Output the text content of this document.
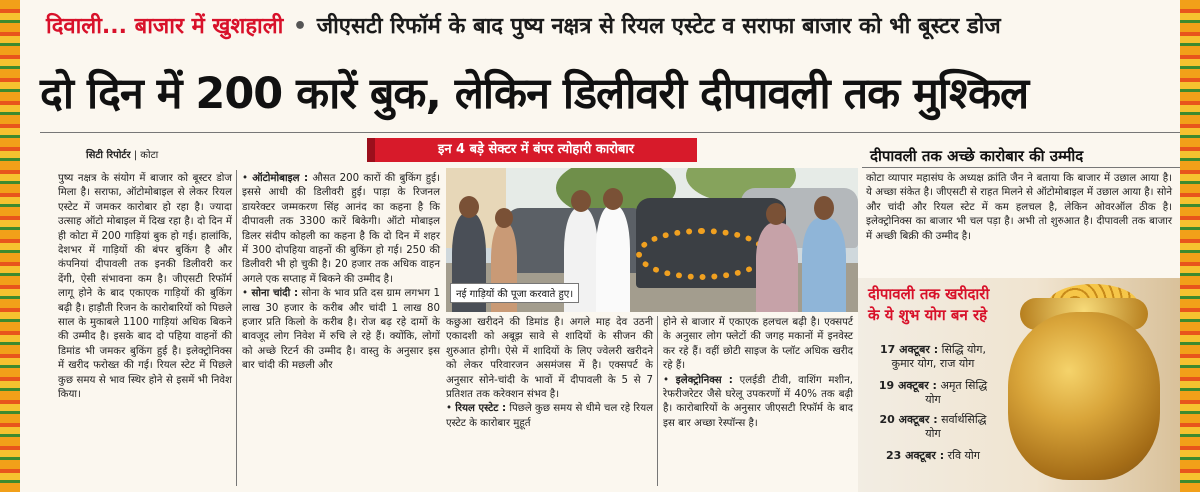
दिवाली... बाजार में खुशहाली • जीएसटी रिफॉर्म के बाद पुष्य नक्षत्र से रियल एस्टेट व सराफा बाजार को भी बूस्टर डोज
दो दिन में 200 कारें बुक, लेकिन डिलीवरी दीपावली तक मुश्किल
सिटी रिपोर्टर | कोटा	इन 4 बड़े सेक्टर में बंपर त्योहारी कारोबार	दीपावली तक अच्छे कारोबार की उम्मीद

पुष्य नक्षत्र के संयोग में बाजार को बूस्टर डोज मिला है। सराफा, ऑटोमोबाइल से लेकर रियल एस्टेट में जमकर कारोबार हो रहा है। ज्यादा उत्साह ऑटो मोबाइल में दिख रहा है। दो दिन में ही कोटा में 200 गाड़ियां बुक हो गई। हालांकि, देशभर में गाड़ियों की बंपर बुकिंग है और कंपनियां दीपावली तक इनकी डिलीवरी कर देंगी, ऐसी संभावना कम है। जीएसटी रिफॉर्म लागू होने के बाद एकाएक गाड़ियों की बुकिंग बढ़ी है। हाड़ौती रिजन के कारोबारियों को पिछले साल के मुकाबले 1100 गाड़ियां अधिक बिकने की उम्मीद है। इसके बाद दो पहिया वाहनों की डिमांड भी जमकर बुकिंग हुई है। इलेक्ट्रोनिक्स में खरीद फरोख्त की गई। रियल स्टेट में पिछले कुछ समय से भाव स्थिर होने से इसमें भी निवेश किया।

• ऑटोमोबाइल : औसत 200 कारों की बुकिंग हुई। इससे आधी की डिलीवरी हुई। पाड़ा के रिजनल डायरेक्टर जम्मकरण सिंह आनंद का कहना है कि दीपावली तक 3300 कारें बिकेगी। ऑटो मोबाइल डिलर संदीप कोहली का कहना है कि दो दिन में शहर में 300 दोपहिया वाहनों की बुकिंग हो गई। 250 की डिलीवरी भी हो चुकी है। 20 हजार तक अधिक वाहन अगले एक सप्ताह में बिकने की उम्मीद है।

• सोना चांदी : सोना के भाव प्रति दस ग्राम लगभग 1 लाख 30 हजार के करीब और चांदी 1 लाख 80 हजार प्रति किलो के करीब है। रोज बढ़ रहे दामों के बावजूद लोग निवेश में रुचि ले रहे हैं। क्योंकि, लोगों को अच्छे रिटर्न की उम्मीद है। वास्तु के अनुसार इस बार चांदी की मछली और

नई गाड़ियों की पूजा करवाते हुए।

कछुआ खरीदने की डिमांड है। अगले माह देव उठनी एकादशी को अबूझ सावे से शादियों के सीजन की शुरुआत होगी। ऐसे में शादियों के लिए ज्वेलरी खरीदने को लेकर परिवारजन असमंजस में है। एक्सपर्ट के अनुसार सोने-चांदी के भावों में दीपावली के 5 से 7 प्रतिशत तक करेक्शन संभव है।

• रियल एस्टेट : पिछले कुछ समय से धीमे चल रहे रियल एस्टेट के कारोबार मुहूर्त

होने से बाजार में एकाएक हलचल बढ़ी है। एक्सपर्ट के अनुसार लोग फ्लेटों की जगह मकानों में इनवेस्ट कर रहे हैं। वहीं छोटी साइज के प्लॉट अधिक खरीद रहे हैं।

• इलेक्ट्रोनिक्स : एलईडी टीवी, वाशिंग मशीन, रेफरीजरेटर जैसे घरेलू उपकरणों में 40% तक बढ़ी है। कारोबारियों के अनुसार जीएसटी रिफॉर्म के बाद इस बार अच्छा रेस्पॉन्स है।

कोटा व्यापार महासंघ के अध्यक्ष क्रांति जैन ने बताया कि बाजार में उछाल आया है। ये अच्छा संकेत है। जीएसटी से राहत मिलने से ऑटोमोबाइल में उछाल आया है। सोने और चांदी और रियल स्टेट में कम हलचल है, लेकिन ओवरऑल ठीक है। इलेक्ट्रोनिक्स का बाजार भी चल पड़ा है। अभी तो शुरुआत है। दीपावली तक बाजार में अच्छी बिक्री की उम्मीद है।

दीपावली तक खरीदारी
के ये शुभ योग बन रहे
17 अक्टूबर : सिद्धि योग,
कुमार योग, राज योग
19 अक्टूबर : अमृत सिद्धि
योग
20 अक्टूबर : सर्वार्थसिद्धि
योग
23 अक्टूबर : रवि योग
